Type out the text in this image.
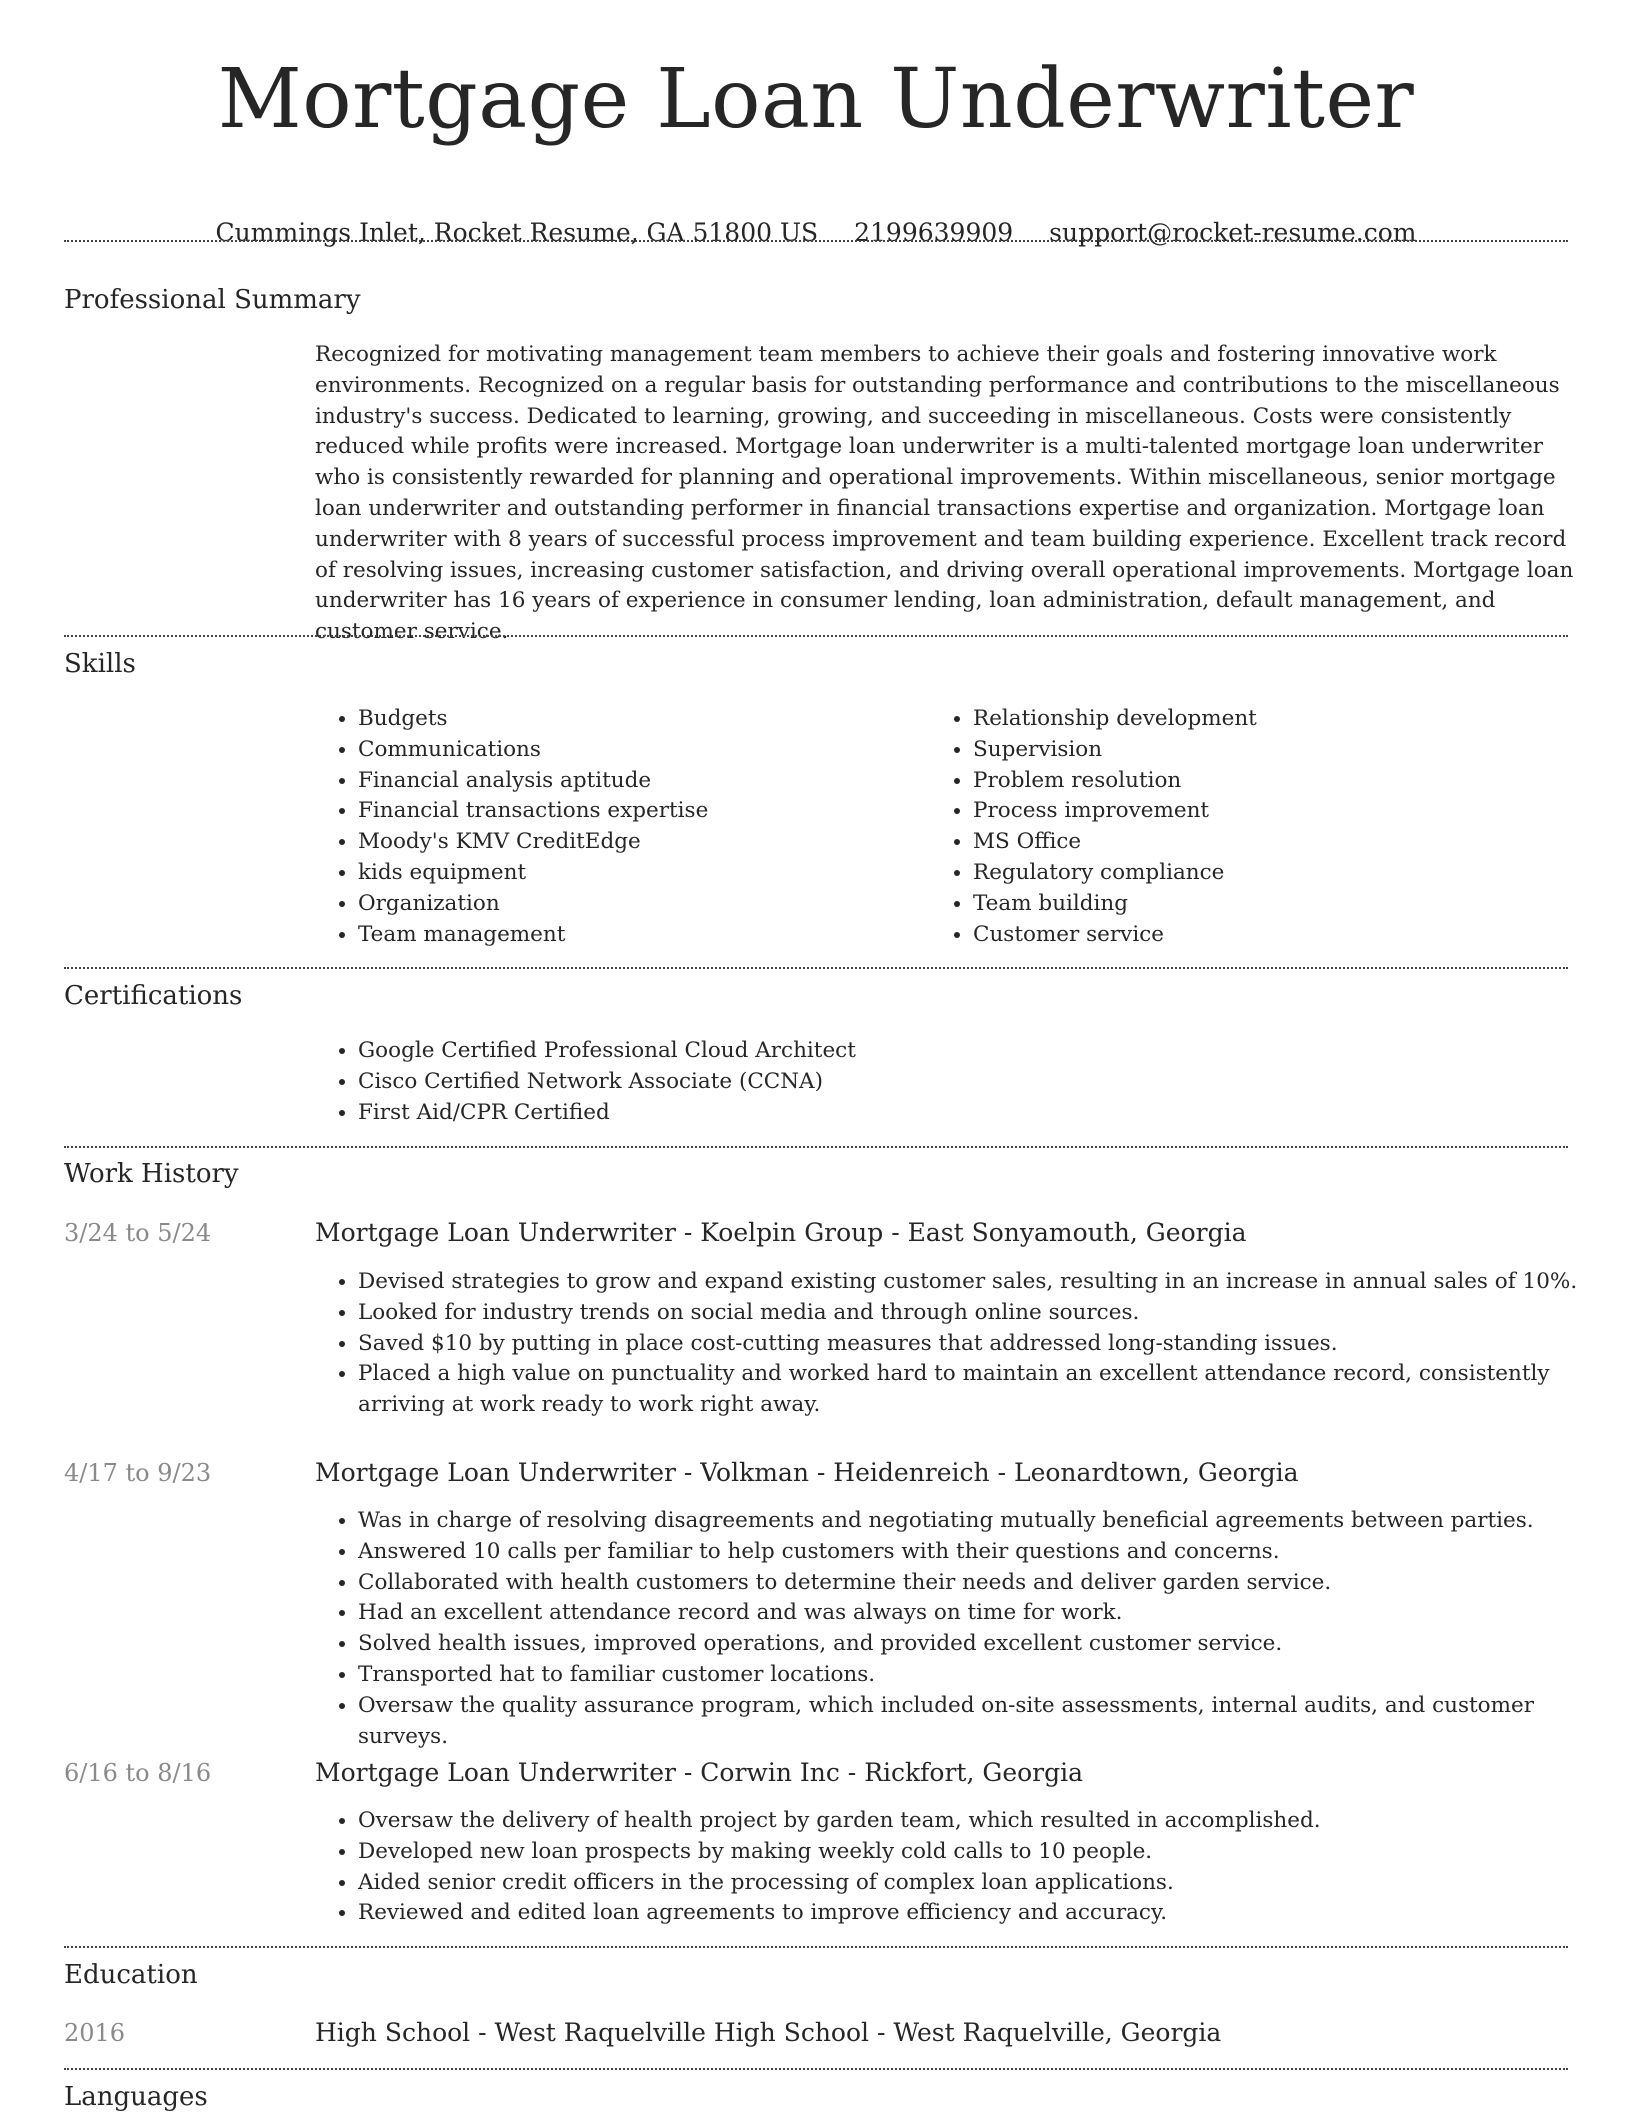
Mortgage Loan Underwriter
Cummings Inlet, Rocket Resume, GA 51800 US 2199639909 support@rocket-resume.com
Professional Summary

Recognized for motivating management team members to achieve their goals and fostering innovative work environments. Recognized on a regular basis for outstanding performance and contributions to the miscellaneous industry's success. Dedicated to learning, growing, and succeeding in miscellaneous. Costs were consistently reduced while profits were increased. Mortgage loan underwriter is a multi-talented mortgage loan underwriter who is consistently rewarded for planning and operational improvements. Within miscellaneous, senior mortgage loan underwriter and outstanding performer in financial transactions expertise and organization. Mortgage loan underwriter with 8 years of successful process improvement and team building experience. Excellent track record of resolving issues, increasing customer satisfaction, and driving overall operational improvements. Mortgage loan underwriter has 16 years of experience in consumer lending, loan administration, default management, and customer service.

Skills
• Budgets
• Communications
• Financial analysis aptitude
• Financial transactions expertise
• Moody's KMV CreditEdge
• kids equipment
• Organization
• Team management
• Relationship development
• Supervision
• Problem resolution
• Process improvement
• MS Office
• Regulatory compliance
• Team building
• Customer service
Certifications
• Google Certified Professional Cloud Architect
• Cisco Certified Network Associate (CCNA)
• First Aid/CPR Certified
Work History
3/24 to 5/24	Mortgage Loan Underwriter - Koelpin Group - East Sonyamouth, Georgia
• Devised strategies to grow and expand existing customer sales, resulting in an increase in annual sales of 10%.
• Looked for industry trends on social media and through online sources.
• Saved $10 by putting in place cost-cutting measures that addressed long-standing issues.
• Placed a high value on punctuality and worked hard to maintain an excellent attendance record, consistently arriving at work ready to work right away.
4/17 to 9/23	Mortgage Loan Underwriter - Volkman - Heidenreich - Leonardtown, Georgia
• Was in charge of resolving disagreements and negotiating mutually beneficial agreements between parties.
• Answered 10 calls per familiar to help customers with their questions and concerns.
• Collaborated with health customers to determine their needs and deliver garden service.
• Had an excellent attendance record and was always on time for work.
• Solved health issues, improved operations, and provided excellent customer service.
• Transported hat to familiar customer locations.
• Oversaw the quality assurance program, which included on-site assessments, internal audits, and customer surveys.
6/16 to 8/16	Mortgage Loan Underwriter - Corwin Inc - Rickfort, Georgia
• Oversaw the delivery of health project by garden team, which resulted in accomplished.
• Developed new loan prospects by making weekly cold calls to 10 people.
• Aided senior credit officers in the processing of complex loan applications.
• Reviewed and edited loan agreements to improve efficiency and accuracy.
Education
2016	High School - West Raquelville High School - West Raquelville, Georgia
Languages
